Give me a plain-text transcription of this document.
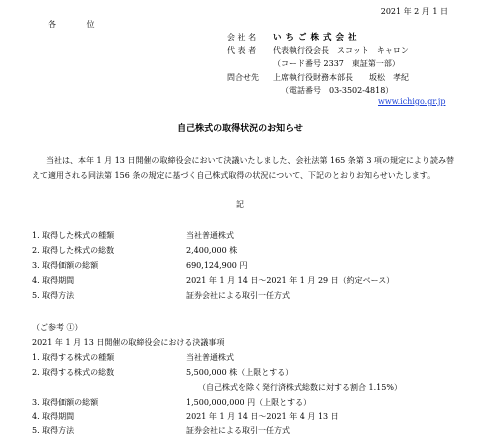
2021 年 2 月 1 日
各 位
会 社 名 いちご株式会社
代 表 者 代表執行役会長　スコット　キャロン
（コード番号 2337　東証第一部）
問合せ先 上席執行役財務本部長　　坂松　孝紀
（電話番号　03-3502-4818）
www.ichigo.gr.jp
自己株式の取得状況のお知らせ
当社は、本年 1 月 13 日開催の取締役会において決議いたしました、会社法第 165 条第 3 項の規定により読み替えて適用される同法第 156 条の規定に基づく自己株式取得の状況について、下記のとおりお知らせいたします。
記
1. 取得した株式の種類	当社普通株式
2. 取得した株式の総数	2,400,000 株
3. 取得価額の総額	690,124,900 円
4. 取得期間	2021 年 1 月 14 日～2021 年 1 月 29 日（約定ベース）
5. 取得方法	証券会社による取引一任方式
（ご参考 ①）
2021 年 1 月 13 日開催の取締役会における決議事項
1. 取得する株式の種類	当社普通株式
2. 取得する株式の総数	5,500,000 株（上限とする）
（自己株式を除く発行済株式総数に対する割合 1.15%）
3. 取得価額の総額	1,500,000,000 円（上限とする）
4. 取得期間	2021 年 1 月 14 日～2021 年 4 月 13 日
5. 取得方法	証券会社による取引一任方式
